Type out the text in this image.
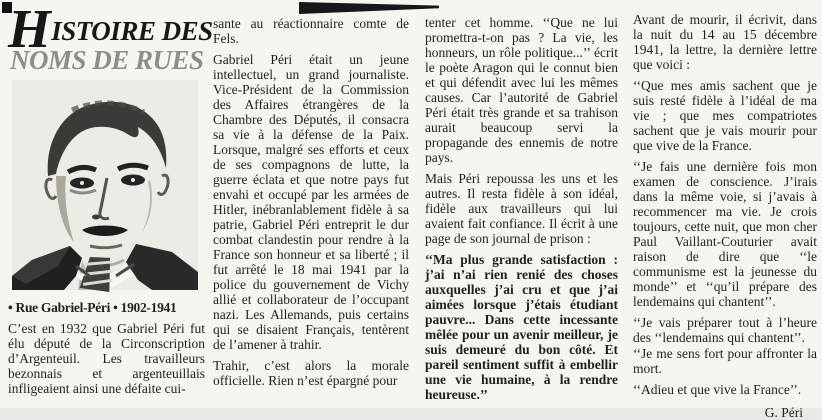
HISTOIRE DES
NOMS DE RUES

• Rue Gabriel-Péri • 1902-1941

C’est en 1932 que Gabriel Péri fut élu député de la Circonscription d’Argenteuil. Les travailleurs bezonnais et argenteuillais infligeaient ainsi une défaite cui-

sante au réactionnaire comte de Fels.

Gabriel Péri était un jeune intellectuel, un grand journaliste. Vice-Président de la Commission des Affaires étrangères de la Chambre des Députés, il consacra sa vie à la défense de la Paix. Lorsque, malgré ses efforts et ceux de ses compagnons de lutte, la guerre éclata et que notre pays fut envahi et occupé par les armées de Hitler, inébranlablement fidèle à sa patrie, Gabriel Péri entreprit le dur combat clandestin pour rendre à la France son honneur et sa liberté ; il fut arrêté le 18 mai 1941 par la police du gouvernement de Vichy allié et collaborateur de l’occupant nazi. Les Allemands, puis certains qui se disaient Français, tentèrent de l’amener à trahir.

Trahir, c’est alors la morale officielle. Rien n’est épargné pour

tenter cet homme. ‘‘Que ne lui promettra-t-on pas ? La vie, les honneurs, un rôle politique...’’ écrit le poète Aragon qui le connut bien et qui défendit avec lui les mêmes causes. Car l’autorité de Gabriel Péri était très grande et sa trahison aurait beaucoup servi la propagande des ennemis de notre pays.

Mais Péri repoussa les uns et les autres. Il resta fidèle à son idéal, fidèle aux travailleurs qui lui avaient fait confiance. Il écrit à une page de son journal de prison :

‘‘Ma plus grande satisfaction : j’ai n’ai rien renié des choses auxquelles j’ai cru et que j’ai aimées lorsque j’étais étudiant pauvre... Dans cette incessante mêlée pour un avenir meilleur, je suis demeuré du bon côté. Et pareil sentiment suffit à embellir une vie humaine, à la rendre heureuse.’’

Avant de mourir, il écrivit, dans la nuit du 14 au 15 décembre 1941, la lettre, la dernière lettre que voici :

‘‘Que mes amis sachent que je suis resté fidèle à l’idéal de ma vie ; que mes compatriotes sachent que je vais mourir pour que vive de la France.

‘‘Je fais une dernière fois mon examen de conscience. J’irais dans la même voie, si j’avais à recommencer ma vie. Je crois toujours, cette nuit, que mon cher Paul Vaillant-Couturier avait raison de dire que ‘‘le communisme est la jeunesse du monde’’ et ‘‘qu’il prépare des lendemains qui chantent’’.

‘‘Je vais préparer tout à l’heure des ‘‘lendemains qui chantent’’.

‘‘Je me sens fort pour affronter la mort.

‘‘Adieu et que vive la France’’.

G. Péri
